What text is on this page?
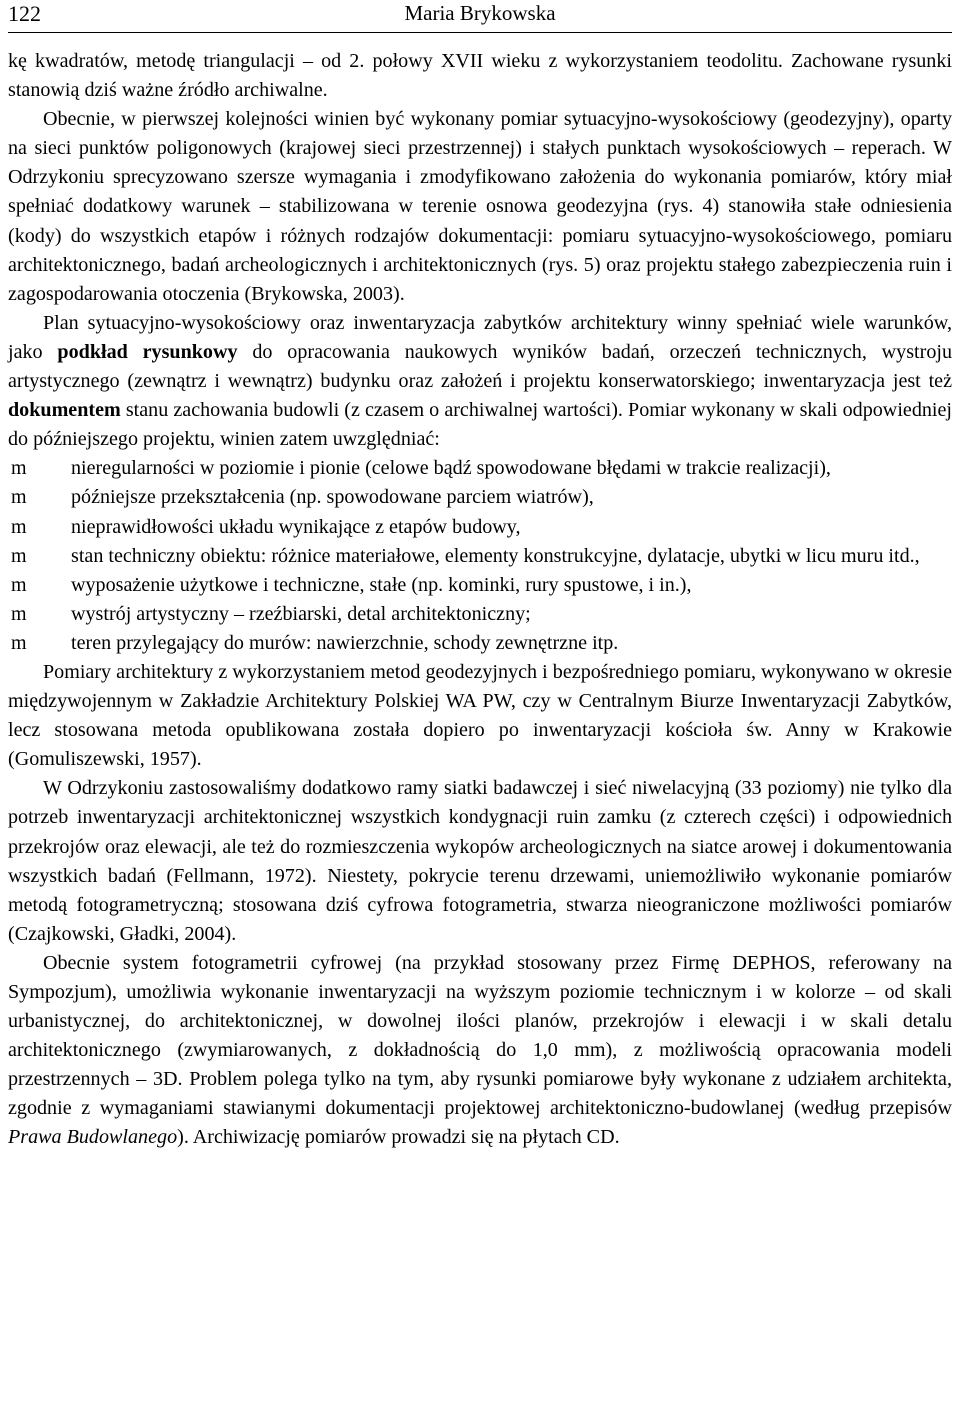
122	Maria Brykowska

kę kwadratów, metodę triangulacji – od 2. połowy XVII wieku z wykorzystaniem teodolitu. Zachowane rysunki stanowią dziś ważne źródło archiwalne.

Obecnie, w pierwszej kolejności winien być wykonany pomiar sytuacyjno-wysokościowy (geodezyjny), oparty na sieci punktów poligonowych (krajowej sieci przestrzennej) i stałych punktach wysokościowych – reperach. W Odrzykoniu sprecyzowano szersze wymagania i zmodyfikowano założenia do wykonania pomiarów, który miał spełniać dodatkowy warunek – stabilizowana w terenie osnowa geodezyjna (rys. 4) stanowiła stałe odniesienia (kody) do wszystkich etapów i różnych rodzajów dokumentacji: pomiaru sytuacyjno-wysokościowego, pomiaru architektonicznego, badań archeologicznych i architektonicznych (rys. 5) oraz projektu stałego zabezpieczenia ruin i zagospodarowania otoczenia (Brykowska, 2003).

Plan sytuacyjno-wysokościowy oraz inwentaryzacja zabytków architektury winny spełniać wiele warunków, jako podkład rysunkowy do opracowania naukowych wyników badań, orzeczeń technicznych, wystroju artystycznego (zewnątrz i wewnątrz) budynku oraz założeń i projektu konserwatorskiego; inwentaryzacja jest też dokumentem stanu zachowania budowli (z czasem o archiwalnej wartości). Pomiar wykonany w skali odpowiedniej do późniejszego projektu, winien zatem uwzględniać:

m nieregularności w poziomie i pionie (celowe bądź spowodowane błędami w trakcie realizacji),
m późniejsze przekształcenia (np. spowodowane parciem wiatrów),
m nieprawidłowości układu wynikające z etapów budowy,
m stan techniczny obiektu: różnice materiałowe, elementy konstrukcyjne, dylatacje, ubytki w licu muru itd.,
m wyposażenie użytkowe i techniczne, stałe (np. kominki, rury spustowe, i in.),
m wystrój artystyczny – rzeźbiarski, detal architektoniczny;
m teren przylegający do murów: nawierzchnie, schody zewnętrzne itp.

Pomiary architektury z wykorzystaniem metod geodezyjnych i bezpośredniego pomiaru, wykonywano w okresie międzywojennym w Zakładzie Architektury Polskiej WA PW, czy w Centralnym Biurze Inwentaryzacji Zabytków, lecz stosowana metoda opublikowana została dopiero po inwentaryzacji kościoła św. Anny w Krakowie (Gomuliszewski, 1957).

W Odrzykoniu zastosowaliśmy dodatkowo ramy siatki badawczej i sieć niwelacyjną (33 poziomy) nie tylko dla potrzeb inwentaryzacji architektonicznej wszystkich kondygnacji ruin zamku (z czterech części) i odpowiednich przekrojów oraz elewacji, ale też do rozmieszczenia wykopów archeologicznych na siatce arowej i dokumentowania wszystkich badań (Fellmann, 1972). Niestety, pokrycie terenu drzewami, uniemożliwiło wykonanie pomiarów metodą fotogrametryczną; stosowana dziś cyfrowa fotogrametria, stwarza nieograniczone możliwości pomiarów (Czajkowski, Gładki, 2004).

Obecnie system fotogrametrii cyfrowej (na przykład stosowany przez Firmę DEPHOS, referowany na Sympozjum), umożliwia wykonanie inwentaryzacji na wyższym poziomie technicznym i w kolorze – od skali urbanistycznej, do architektonicznej, w dowolnej ilości planów, przekrojów i elewacji i w skali detalu architektonicznego (zwymiarowanych, z dokładnością do 1,0 mm), z możliwością opracowania modeli przestrzennych – 3D. Problem polega tylko na tym, aby rysunki pomiarowe były wykonane z udziałem architekta, zgodnie z wymaganiami stawianymi dokumentacji projektowej architektoniczno-budowlanej (według przepisów Prawa Budowlanego). Archiwizację pomiarów prowadzi się na płytach CD.
